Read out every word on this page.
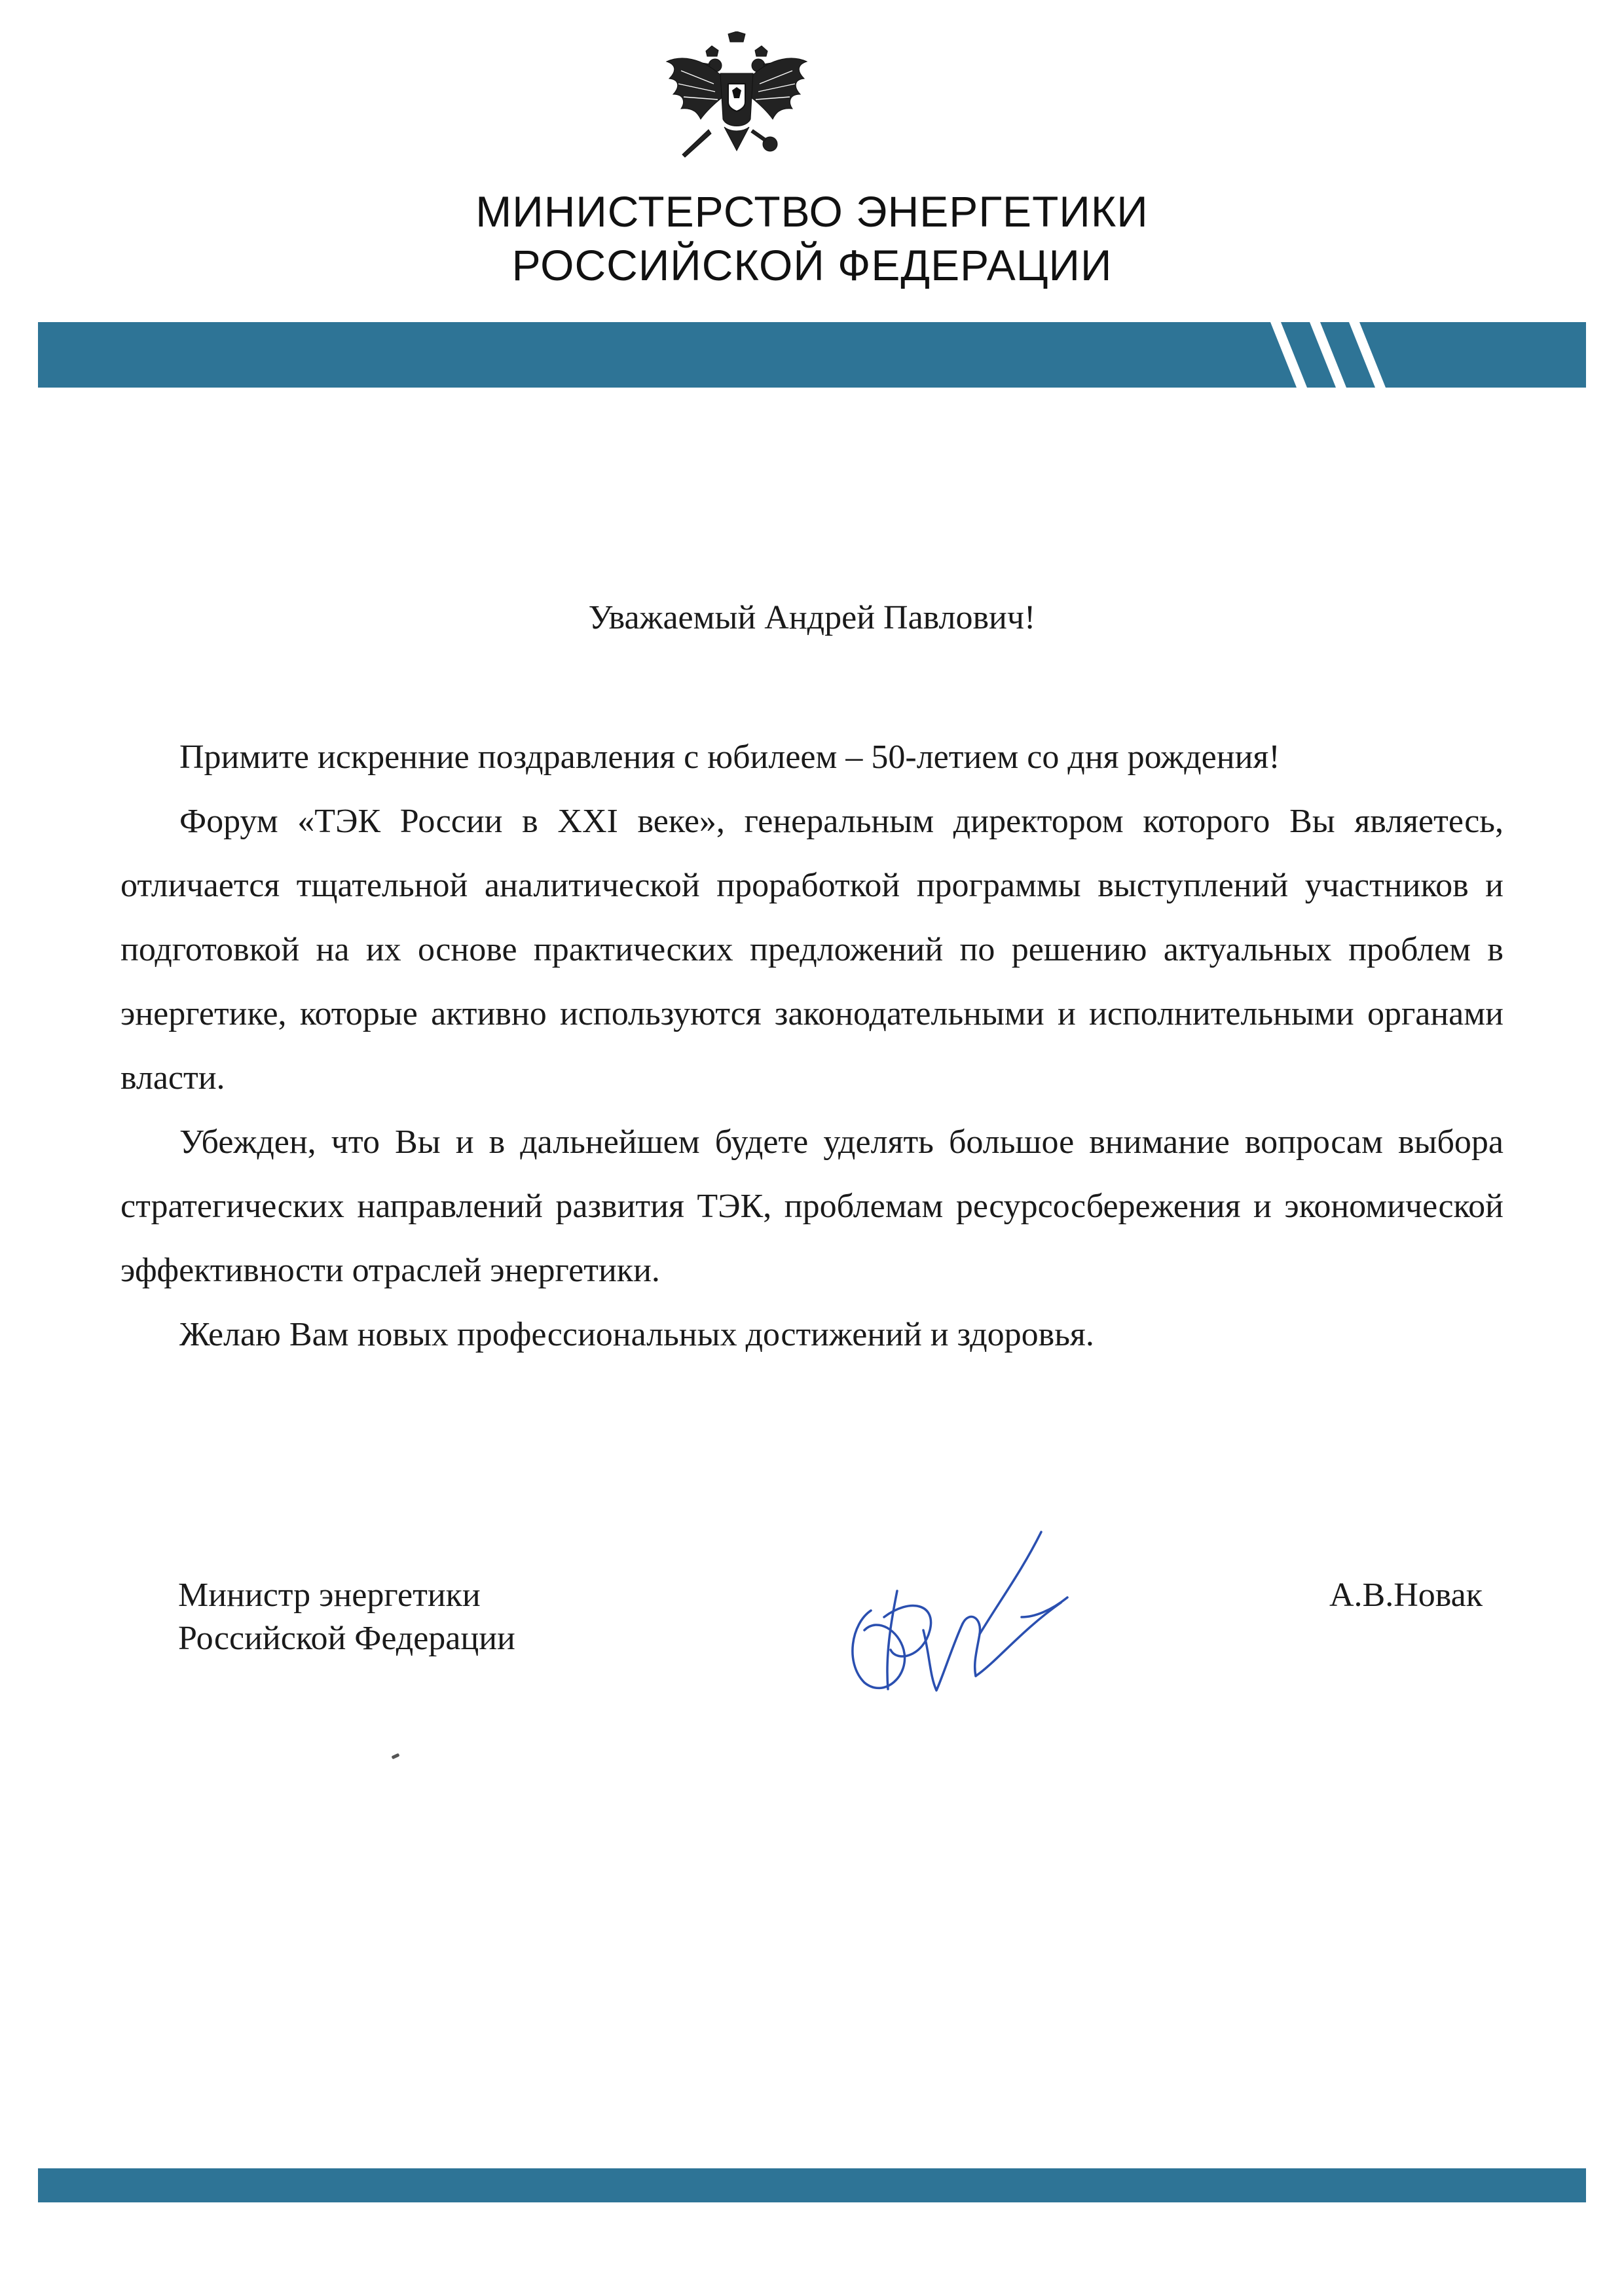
МИНИСТЕРСТВО ЭНЕРГЕТИКИ
РОССИЙСКОЙ ФЕДЕРАЦИИ
Уважаемый Андрей Павлович!

Примите искренние поздравления с юбилеем – 50-летием со дня рождения!

Форум «ТЭК России в XXI веке», генеральным директором которого Вы являетесь, отличается тщательной аналитической проработкой программы выступлений участников и подготовкой на их основе практических предложений по решению актуальных проблем в энергетике, которые активно используются законодательными и исполнительными органами власти.

Убежден, что Вы и в дальнейшем будете уделять большое внимание вопросам выбора стратегических направлений развития ТЭК, проблемам ресурсосбережения и экономической эффективности отраслей энергетики.

Желаю Вам новых профессиональных достижений и здоровья.

Министр энергетики
Российской Федерации
А.В.Новак
